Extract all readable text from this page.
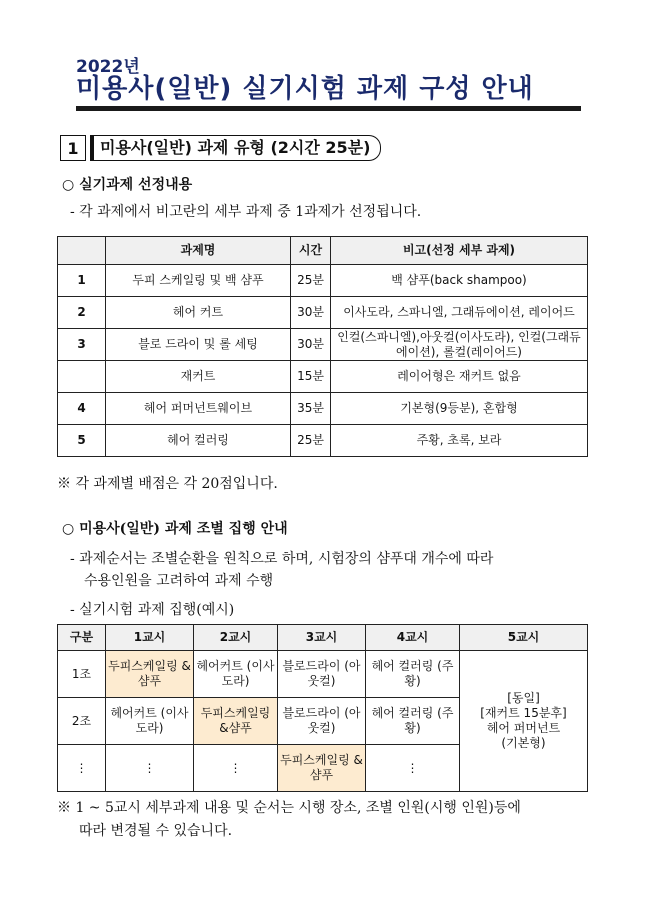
2022년
미용사(일반) 실기시험 과제 구성 안내
1	미용사(일반) 과제 유형 (2시간 25분)
○ 실기과제 선정내용
- 각 과제에서 비고란의 세부 과제 중 1과제가 선정됩니다.
	과제명	시간	비고(선정 세부 과제)
1	두피 스케일링 및 백 샴푸	25분	백 샴푸(back shampoo)
2	헤어 커트	30분	이사도라, 스파니엘, 그래듀에이션, 레이어드
3	블로 드라이 및 롤 세팅	30분	인컬(스파니엘),아웃컬(이사도라), 인컬(그래듀에이션), 롤컬(레이어드)
	재커트	15분	레이어형은 재커트 없음
4	헤어 퍼머넌트웨이브	35분	기본형(9등분), 혼합형
5	헤어 컬러링	25분	주황, 초록, 보라
※ 각 과제별 배점은 각 20점입니다.
○ 미용사(일반) 과제 조별 집행 안내
- 과제순서는 조별순환을 원칙으로 하며, 시험장의 샴푸대 개수에 따라
수용인원을 고려하여 과제 수행
- 실기시험 과제 집행(예시)
구분	1교시	2교시	3교시	4교시	5교시
1조	두피스케일링 &샴푸	헤어커트 (이사도라)	블로드라이 (아웃컬)	헤어 컬러링 (주황)	[동일]
[재커트 15분후]
헤어 퍼머넌트
(기본형)

2조	헤어커트 (이사도라)	두피스케일링 &샴푸	블로드라이 (아웃컬)	헤어 컬러링 (주황)	
⋮	⋮	⋮	두피스케일링 &샴푸	⋮	
※ 1 ~ 5교시 세부과제 내용 및 순서는 시행 장소, 조별 인원(시행 인원)등에
따라 변경될 수 있습니다.
